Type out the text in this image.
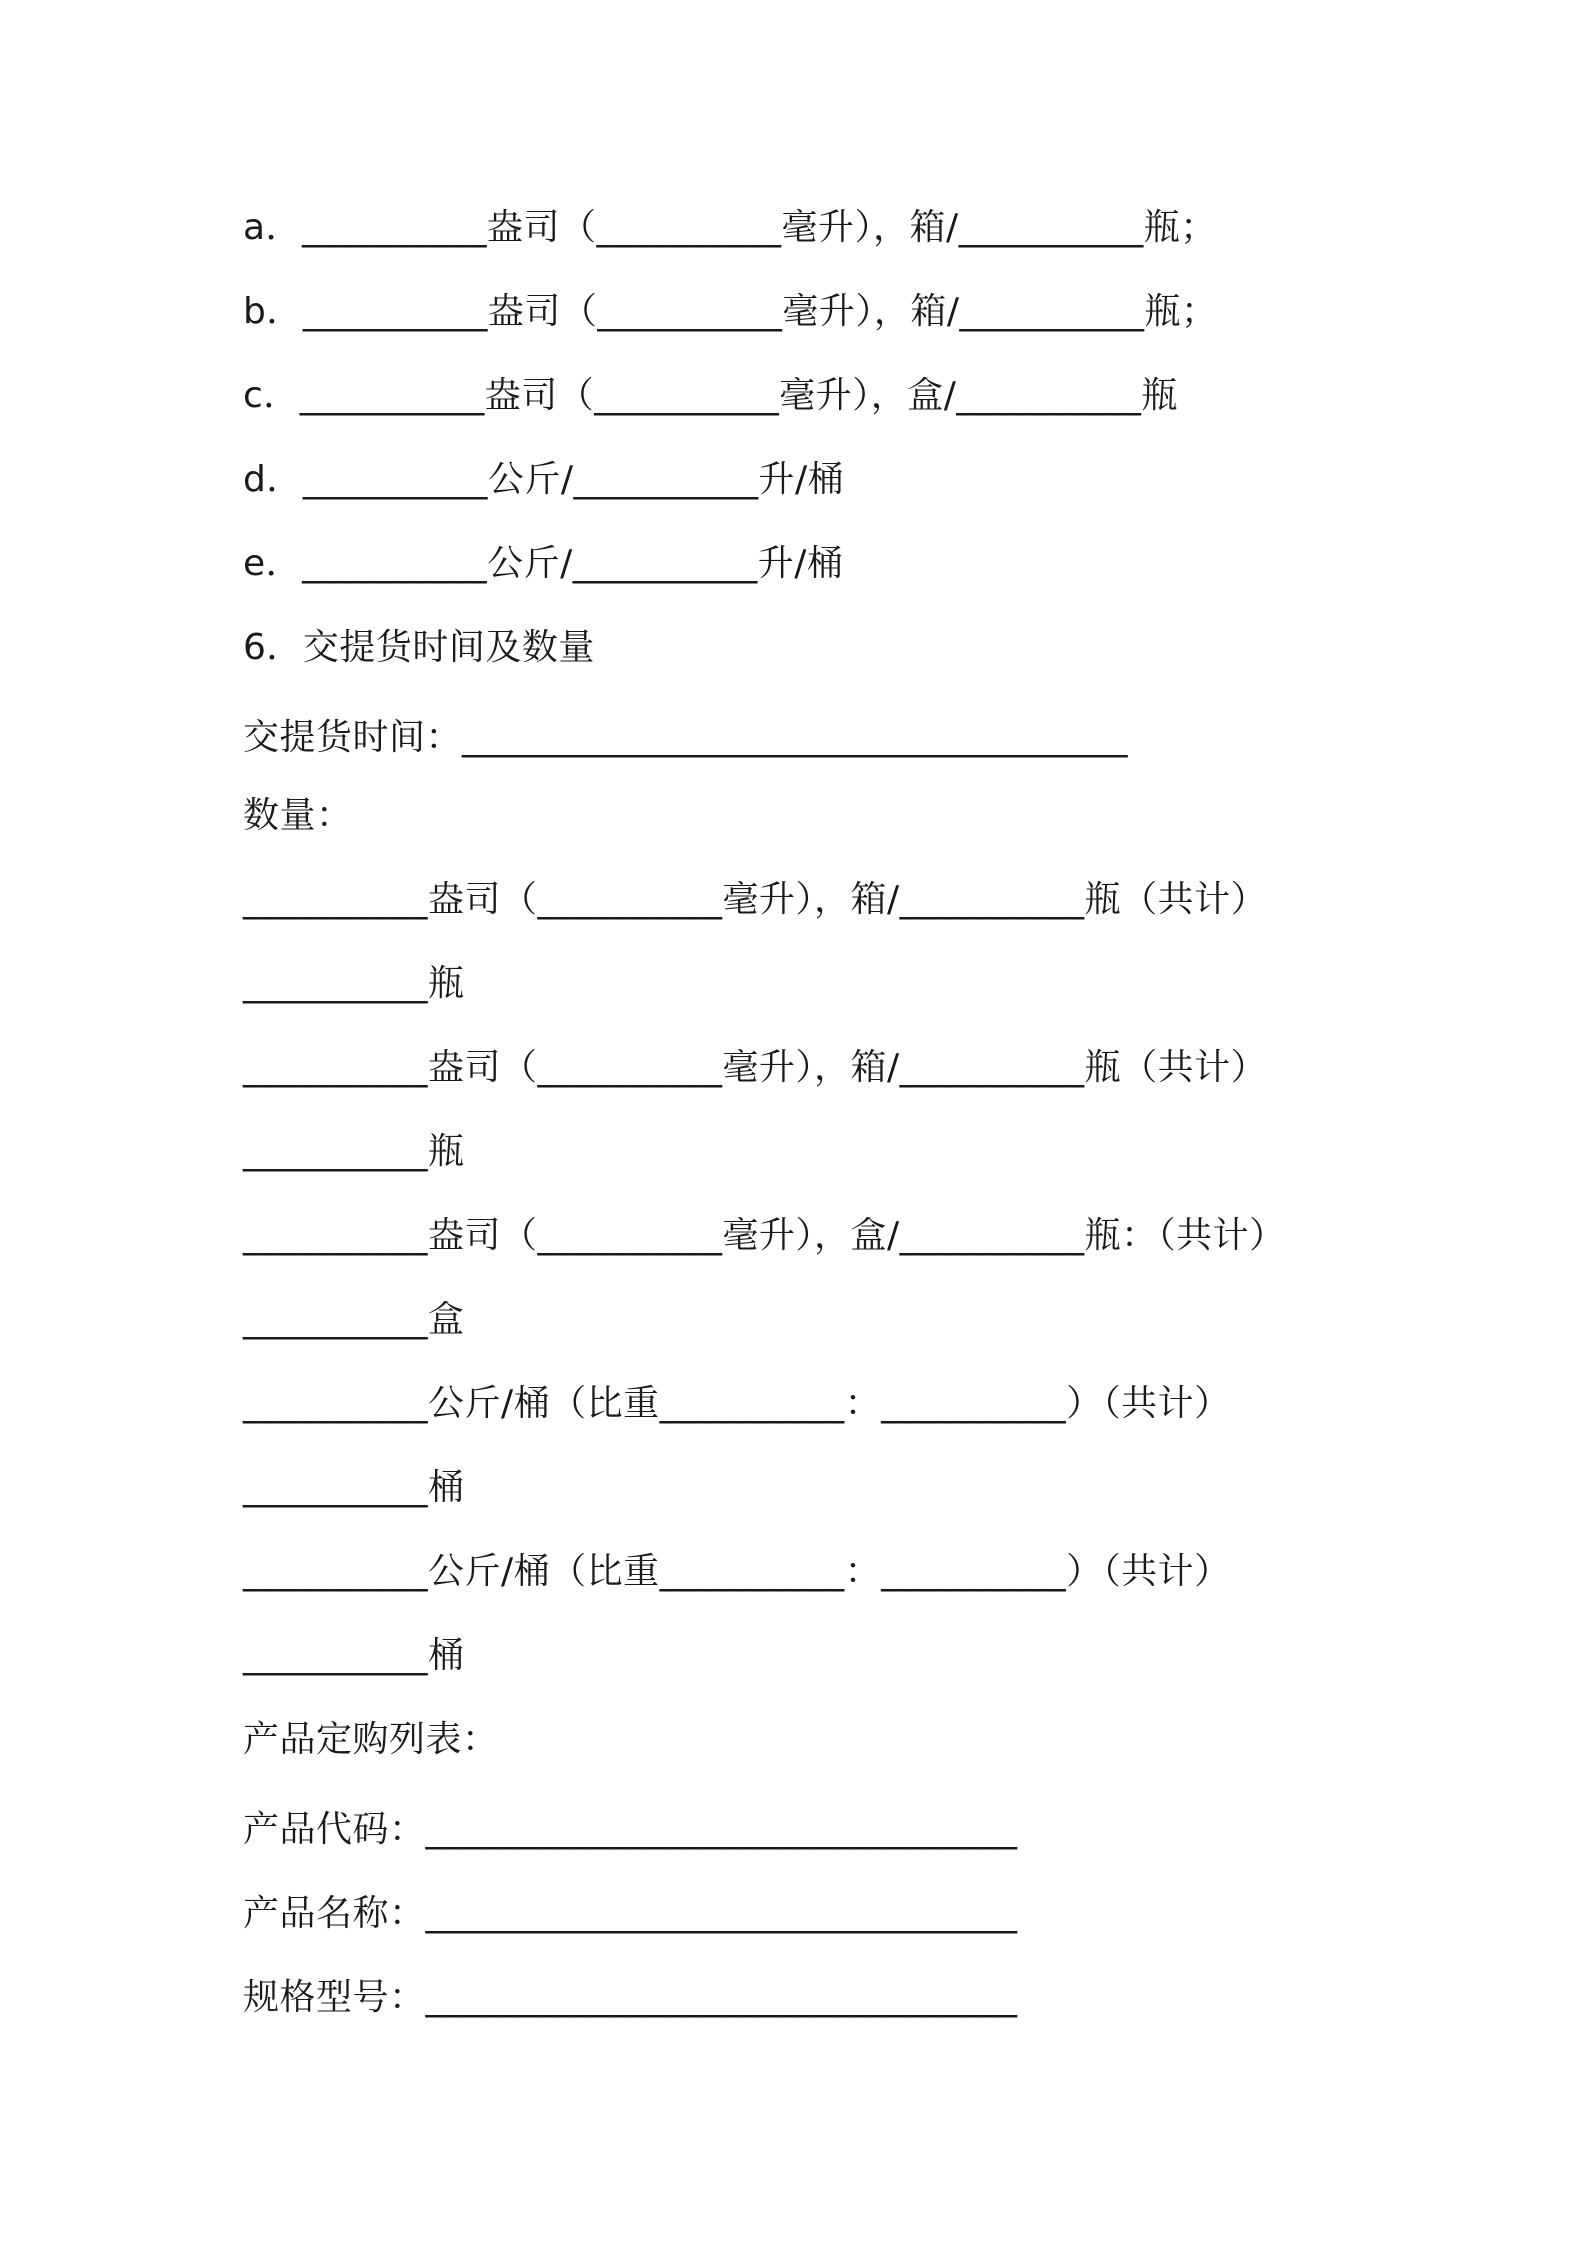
a．__________盎司（__________毫升），箱/__________瓶；
b．__________盎司（__________毫升），箱/__________瓶；
c．__________盎司（__________毫升），盒/__________瓶
d．__________公斤/__________升/桶
e．__________公斤/__________升/桶
6．交提货时间及数量
交提货时间：____________________________________
数量：
__________盎司（__________毫升），箱/__________瓶（共计）
__________瓶
__________盎司（__________毫升），箱/__________瓶（共计）
__________瓶
__________盎司（__________毫升），盒/__________瓶：（共计）
__________盒
__________公斤/桶（比重__________：__________）（共计）
__________桶
__________公斤/桶（比重__________：__________）（共计）
__________桶
产品定购列表：
产品代码：________________________________
产品名称：________________________________
规格型号：________________________________
